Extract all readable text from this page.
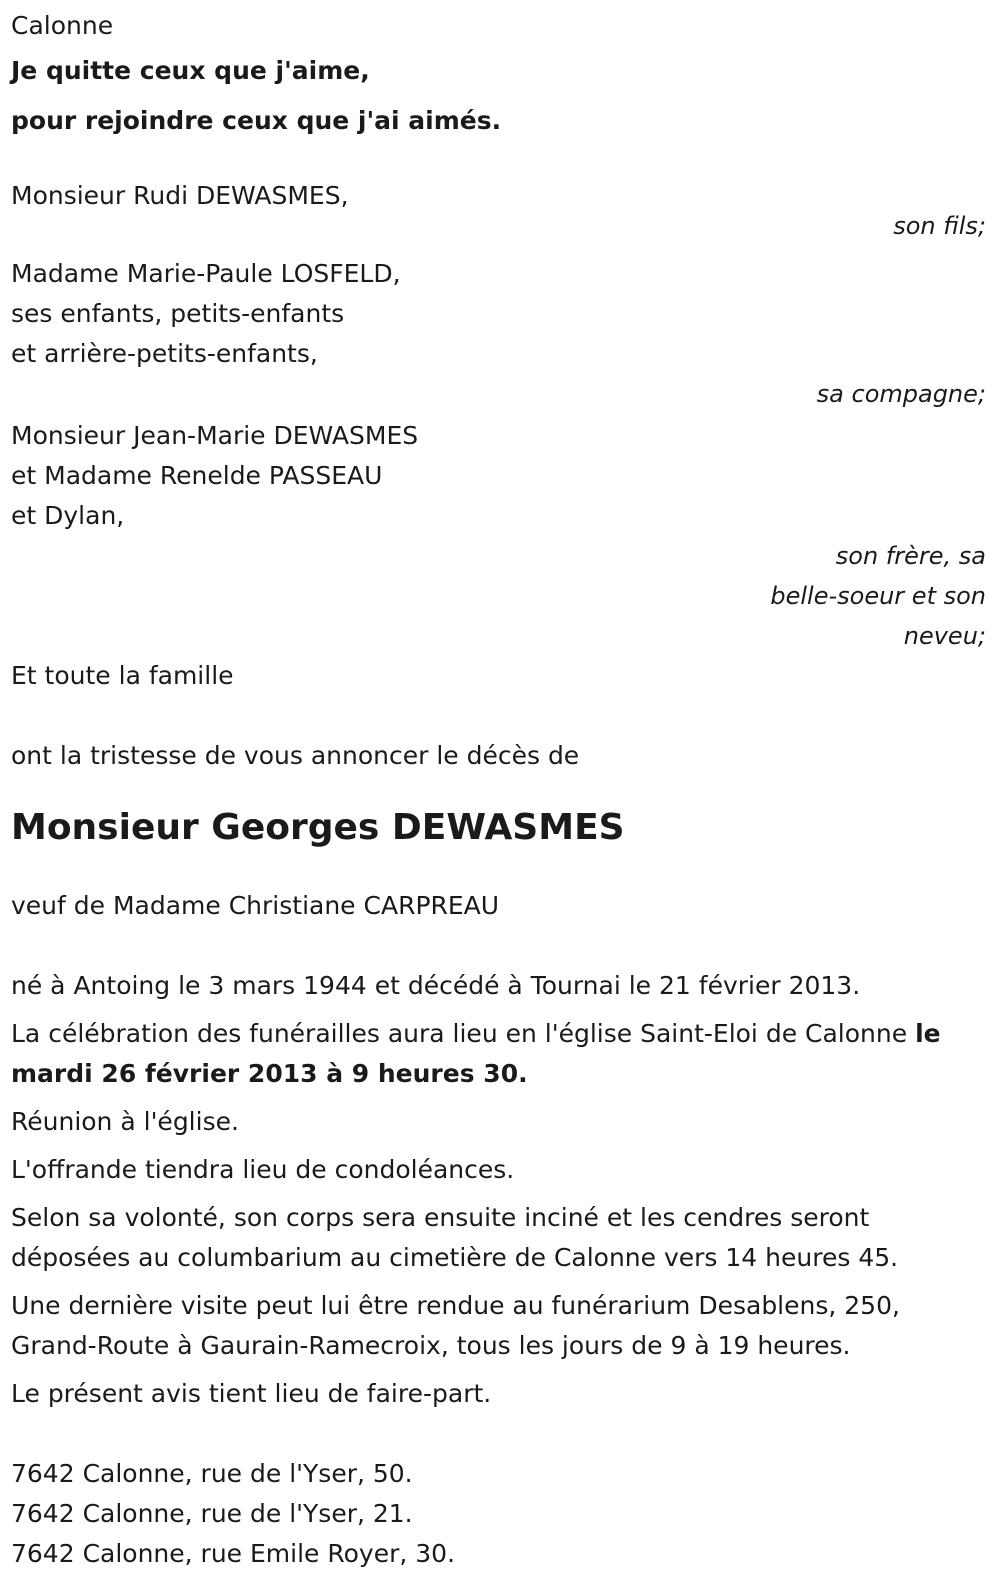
Calonne

Je quitte ceux que j'aime,

pour rejoindre ceux que j'ai aimés.

Monsieur Rudi DEWASMES,

son fils;

Madame Marie-Paule LOSFELD,

ses enfants, petits-enfants

et arrière-petits-enfants,

sa compagne;

Monsieur Jean-Marie DEWASMES

et Madame Renelde PASSEAU

et Dylan,

son frère, sa

belle-soeur et son

neveu;

Et toute la famille

ont la tristesse de vous annoncer le décès de

Monsieur Georges DEWASMES

veuf de Madame Christiane CARPREAU

né à Antoing le 3 mars 1944 et décédé à Tournai le 21 février 2013.

La célébration des funérailles aura lieu en l'église Saint-Eloi de Calonne le mardi 26 février 2013 à 9 heures 30.

Réunion à l'église.

L'offrande tiendra lieu de condoléances.

Selon sa volonté, son corps sera ensuite inciné et les cendres seront déposées au columbarium au cimetière de Calonne vers 14 heures 45.

Une dernière visite peut lui être rendue au funérarium Desablens, 250, Grand-Route à Gaurain-Ramecroix, tous les jours de 9 à 19 heures.

Le présent avis tient lieu de faire-part.

7642 Calonne, rue de l'Yser, 50.

7642 Calonne, rue de l'Yser, 21.

7642 Calonne, rue Emile Royer, 30.
